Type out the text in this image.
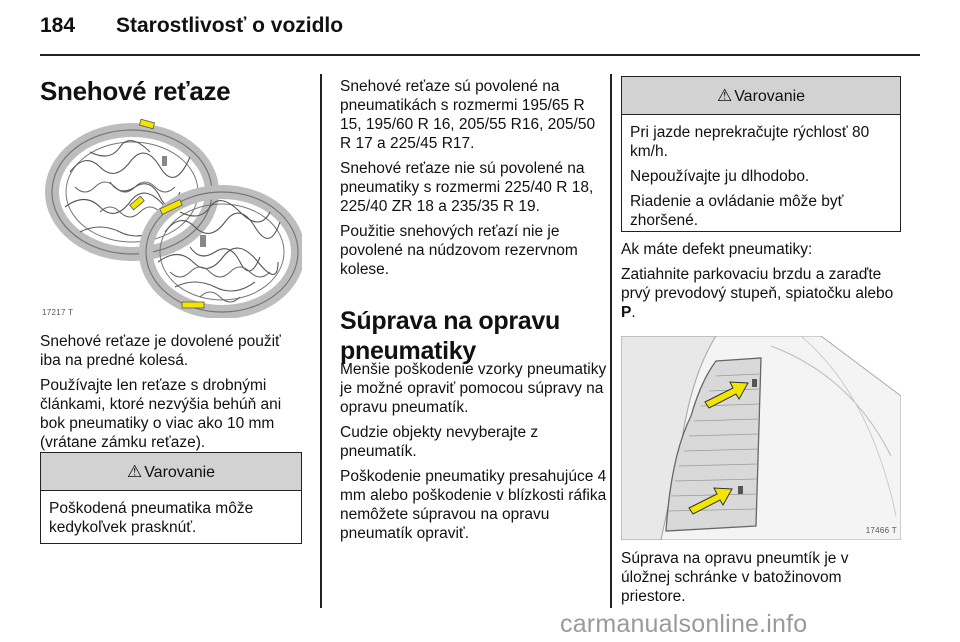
184 Starostlivosť o vozidlo
Snehové reťaze
17217 T

Snehové reťaze je dovolené použiť iba na predné kolesá.

Používajte len reťaze s drobnými článkami, ktoré nezvýšia behúň ani bok pneumatiky o viac ako 10 mm (vrátane zámku reťaze).

⚠ Varovanie

Poškodená pneumatika môže kedykoľvek prasknúť.

Snehové reťaze sú povolené na pneumatikách s rozmermi 195/65 R 15, 195/60 R 16, 205/55 R16, 205/50 R 17 a 225/45 R17.

Snehové reťaze nie sú povolené na pneumatiky s rozmermi 225/40 R 18, 225/40 ZR 18 a 235/35 R 19.

Použitie snehových reťazí nie je povolené na núdzovom rezervnom kolese.

Súprava na opravu pneumatiky

Menšie poškodenie vzorky pneumatiky je možné opraviť pomocou súpravy na opravu pneumatík.

Cudzie objekty nevyberajte z pneumatík.

Poškodenie pneumatiky presahujúce 4 mm alebo poškodenie v blízkosti ráfika nemôžete súpravou na opravu pneumatík opraviť.

⚠ Varovanie

Pri jazde neprekračujte rýchlosť 80 km/h.

Nepoužívajte ju dlhodobo.

Riadenie a ovládanie môže byť zhoršené.

Ak máte defekt pneumatiky:

Zatiahnite parkovaciu brzdu a zaraďte prvý prevodový stupeň, spiatočku alebo P.

17466 T

Súprava na opravu pneumtík je v úložnej schránke v batožinovom priestore.

carmanualsonline.info
